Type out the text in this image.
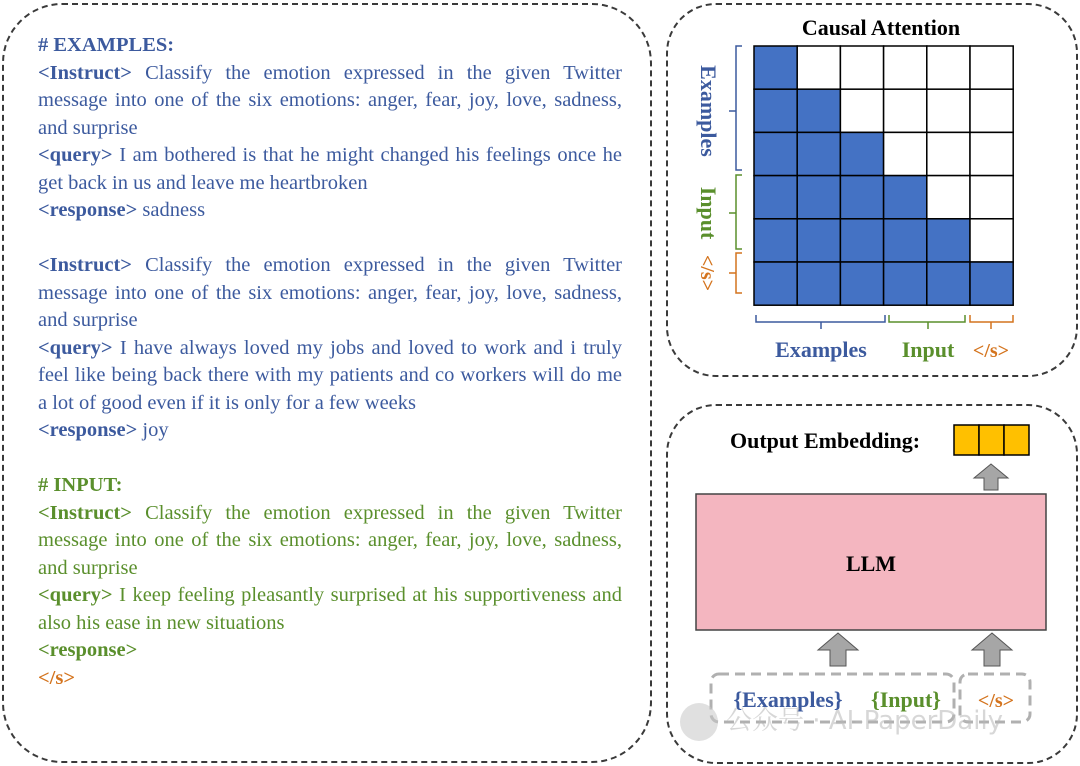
# EXAMPLES:

<Instruct> Classify the emotion expressed in the given Twitter message into one of the six emotions: anger, fear, joy, love, sadness, and surprise

<query> I am bothered is that he might changed his feelings once he get back in us and leave me heartbroken

<response> sadness

<Instruct> Classify the emotion expressed in the given Twitter message into one of the six emotions: anger, fear, joy, love, sadness, and surprise

<query> I have always loved my jobs and loved to work and i truly feel like being back there with my patients and co workers will do me a lot of good even if it is only for a few weeks

<response> joy

# INPUT:

<Instruct> Classify the emotion expressed in the given Twitter message into one of the six emotions: anger, fear, joy, love, sadness, and surprise

<query> I keep feeling pleasantly surprised at his supportiveness and also his ease in new situations

<response>

</s>

Causal Attention
Examples
Input
</s>
Examples Input </s>
Output Embedding:
LLM
{Examples} {Input} </s>
公众号 · AI-PaperDaily
